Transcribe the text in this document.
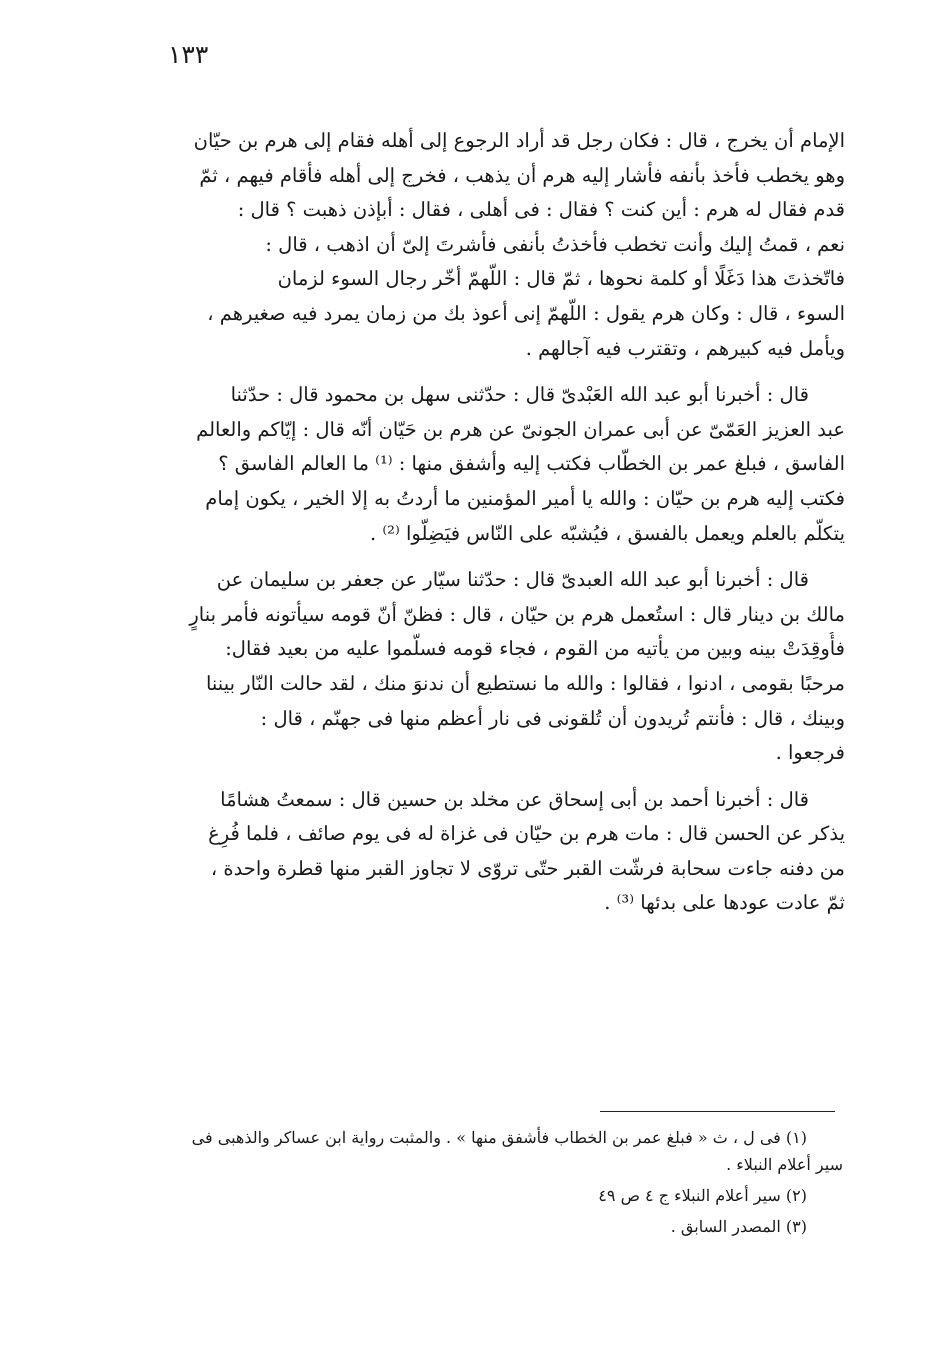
١٣٣
الإمام أن يخرج ، قال : فكان رجل قد أراد الرجوع إلى أهله فقام إلى هرم بن حيّان
وهو يخطب فأخذ بأنفه فأشار إليه هرم أن يذهب ، فخرج إلى أهله فأقام فيهم ، ثمّ
قدم فقال له هرم : أين كنت ؟ فقال : فى أهلى ، فقال : أبإذن ذهبت ؟ قال :
نعم ، قمتُ إليك وأنت تخطب فأخذتُ بأنفى فأشرتَ إلىّ أن اذهب ، قال :
فاتّخذتَ هذا دَغَلًا أو كلمة نحوها ، ثمّ قال : اللّهمّ أخّر رجال السوء لزمان
السوء ، قال : وكان هرم يقول : اللّهمّ إنى أعوذ بك من زمان يمرد فيه صغيرهم ،
ويأمل فيه كبيرهم ، وتقترب فيه آجالهم .
قال : أخبرنا أبو عبد الله العَبْدىّ قال : حدّثنى سهل بن محمود قال : حدّثنا
عبد العزيز العَمّىّ عن أبى عمران الجونىّ عن هرم بن حَيّان أنّه قال : إيّاكم والعالم
الفاسق ، فبلغ عمر بن الخطّاب فكتب إليه وأشفق منها : ⁽¹⁾ ما العالم الفاسق ؟
فكتب إليه هرم بن حيّان : والله يا أمير المؤمنين ما أردتُ به إلا الخير ، يكون إمام
يتكلّم بالعلم ويعمل بالفسق ، فيُشبّه على النّاس فيَضِلّوا ⁽²⁾ .
قال : أخبرنا أبو عبد الله العبدىّ قال : حدّثنا سيّار عن جعفر بن سليمان عن
مالك بن دينار قال : استُعمل هرم بن حيّان ، قال : فظنّ أنّ قومه سيأتونه فأمر بنارٍ
فأُوقِدَتْ بينه وبين من يأتيه من القوم ، فجاء قومه فسلّموا عليه من بعيد فقال:
مرحبًا بقومى ، ادنوا ، فقالوا : والله ما نستطيع أن ندنوَ منك ، لقد حالت النّار بيننا
وبينك ، قال : فأنتم تُريدون أن تُلقونى فى نار أعظم منها فى جهنّم ، قال :
فرجعوا .
قال : أخبرنا أحمد بن أبى إسحاق عن مخلد بن حسين قال : سمعتُ هشامًا
يذكر عن الحسن قال : مات هرم بن حيّان فى غزاة له فى يوم صائف ، فلما فُرِغ
من دفنه جاءت سحابة فرشّت القبر حتّى تروّى لا تجاوز القبر منها قطرة واحدة ،
ثمّ عادت عودها على بدئها ⁽³⁾ .
(١) فى ل ، ث « فبلغ عمر بن الخطاب فأشفق منها » . والمثبت رواية ابن عساكر والذهبى فى
سير أعلام النبلاء .
(٢) سير أعلام النبلاء ج ٤ ص ٤٩
(٣) المصدر السابق .
